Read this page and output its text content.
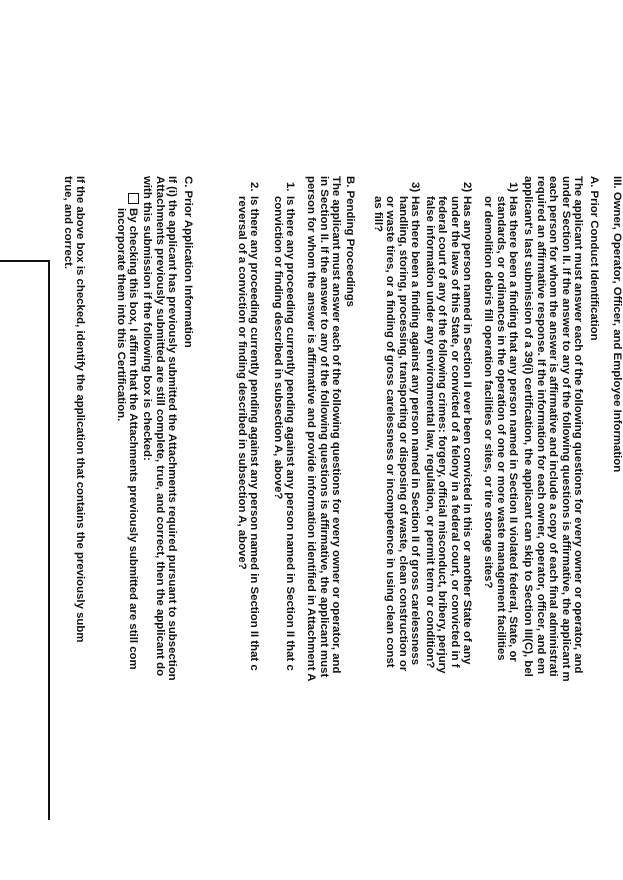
III. Owner, Operator, Officer, and Employee Information
A. Prior Conduct Identification
The applicant must answer each of the following questions for every owner or operator, and
under Section II. If the answer to any of the following questions is affirmative, the applicant m
each person for whom the answer is affirmative and include a copy of each final administrati
required an affirmative response. If the information for each owner, operator, officer, and em
applicant's last submission of a 39(i) certification, the applicant can skip to Section III(C), bel
1)
Has there been a finding that any person named in Section II violated federal, State, or
standards, or ordinances in the operation of one or more waste management facilities
or demolition debris fill operation facilities or sites, or tire storage sites?
2)
Has any person named in Section II ever been convicted in this or another State of any
under the laws of this State, or convicted of a felony in a federal court, or convicted in f
federal court of any of the following crimes: forgery, official misconduct, bribery, perjury
false information under any environmental law, regulation, or permit term or condition?
3)
Has there been a finding against any person named in Section II of gross carelessness
handling, storing, processing, transporting or disposing of waste, clean construction or
or waste tires, or a finding of gross carelessness or incompetence in using clean const
as fill?
B. Pending Proceedings
The applicant must answer each of the following questions for every owner or operator, and
in Section II. If the answer to any of the following questions is affirmative, the applicant must
person for whom the answer is affirmative and provide information identified in Attachment A
1.
Is there any proceeding currently pending against any person named in Section II that c
conviction or finding described in subsection A, above?
2.
Is there any proceeding currently pending against any person named in Section II that c
reversal of a conviction or finding described in subsection A, above?
C. Prior Application Information
If (i) the applicant has previously submitted the Attachments required pursuant to subsection
Attachments previously submitted are still complete, true, and correct, then the applicant do
with this submission if the following box is checked:
By checking this box, I affirm that the Attachments previously submitted are still com
incorporate them into this Certification.
If the above box is checked, identify the application that contains the previously subm
true, and correct.
